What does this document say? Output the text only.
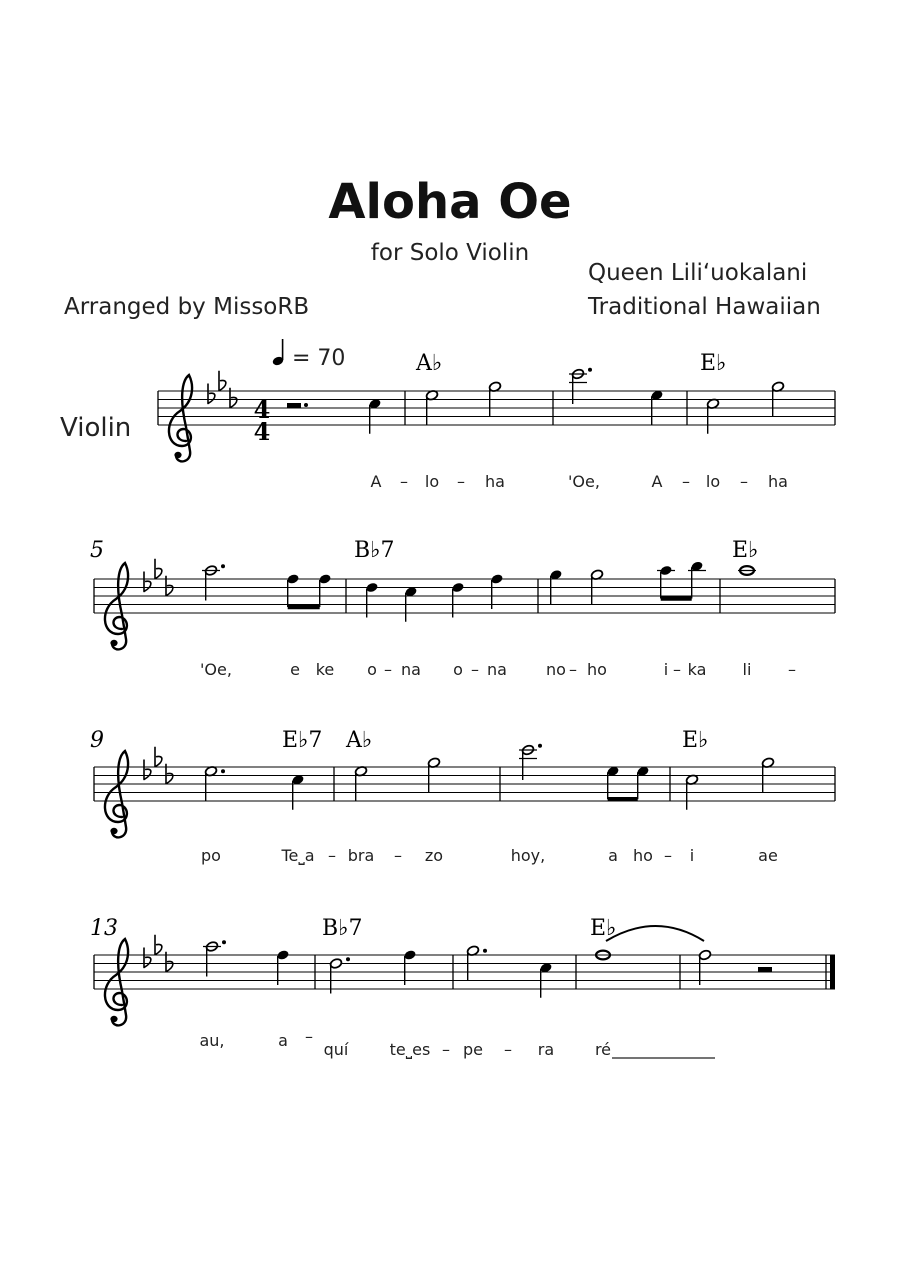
Aloha Oe
for Solo Violin
Queen Liliʻuokalani
Traditional Hawaiian
Arranged by MissoRB
Violin
= 70
4
4
A♭	E♭
A – lo – ha	'Oe,	A – lo – ha
5	B♭7	E♭
'Oe,	e ke o – na o – na no – ho	i – ka li –
9	E♭7 A♭	E♭
po	Te⎵a – bra – zo	hoy,	a ho – i	ae
13	B♭7	E♭
au,	a –
quí	te⎵es – pe – ra	ré
